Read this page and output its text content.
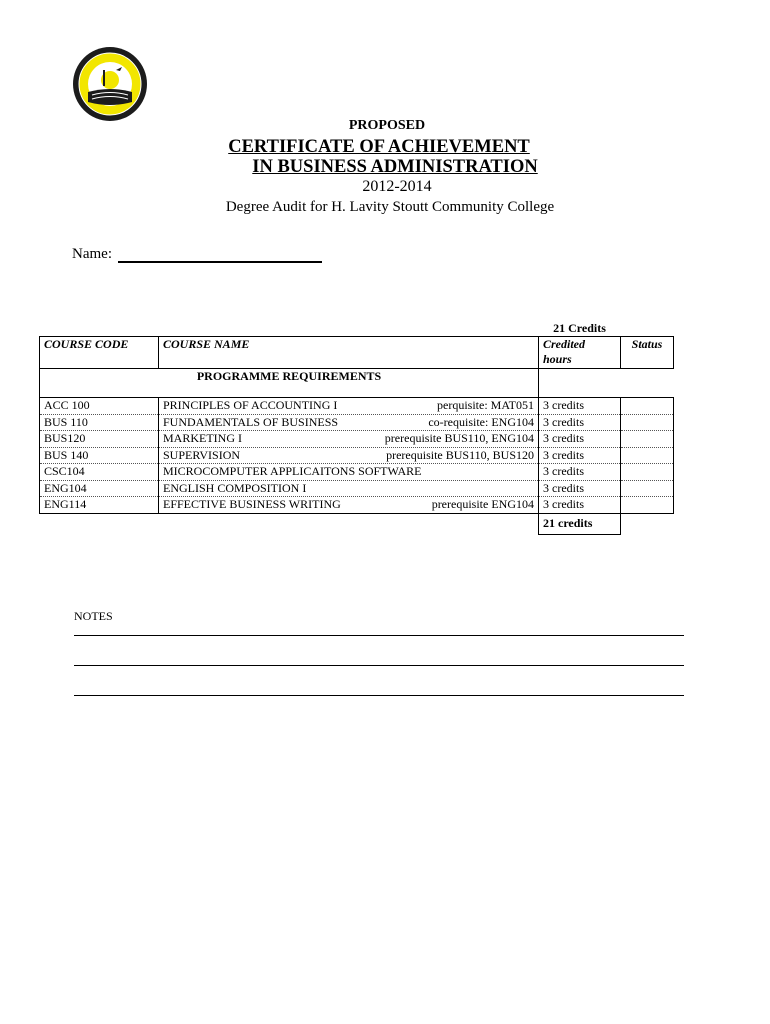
PROPOSED
CERTIFICATE OF ACHIEVEMENT
IN BUSINESS ADMINISTRATION
2012-2014
Degree Audit for H. Lavity Stoutt Community College
Name:
		21 Credits	
COURSE CODE	COURSE NAME	Credited hours	Status
PROGRAMME REQUIREMENTS			
ACC 100	PRINCIPLES OF ACCOUNTING I perquisite: MAT051	3 credits	
BUS 110	FUNDAMENTALS OF BUSINESS co-requisite: ENG104	3 credits	
BUS120	MARKETING I prerequisite BUS110, ENG104	3 credits	
BUS 140	SUPERVISION prerequisite BUS110, BUS120	3 credits	
CSC104	MICROCOMPUTER APPLICAITONS SOFTWARE	3 credits	
ENG104	ENGLISH COMPOSITION I	3 credits	
ENG114	EFFECTIVE BUSINESS WRITING prerequisite ENG104	3 credits	
		21 credits	
NOTES
